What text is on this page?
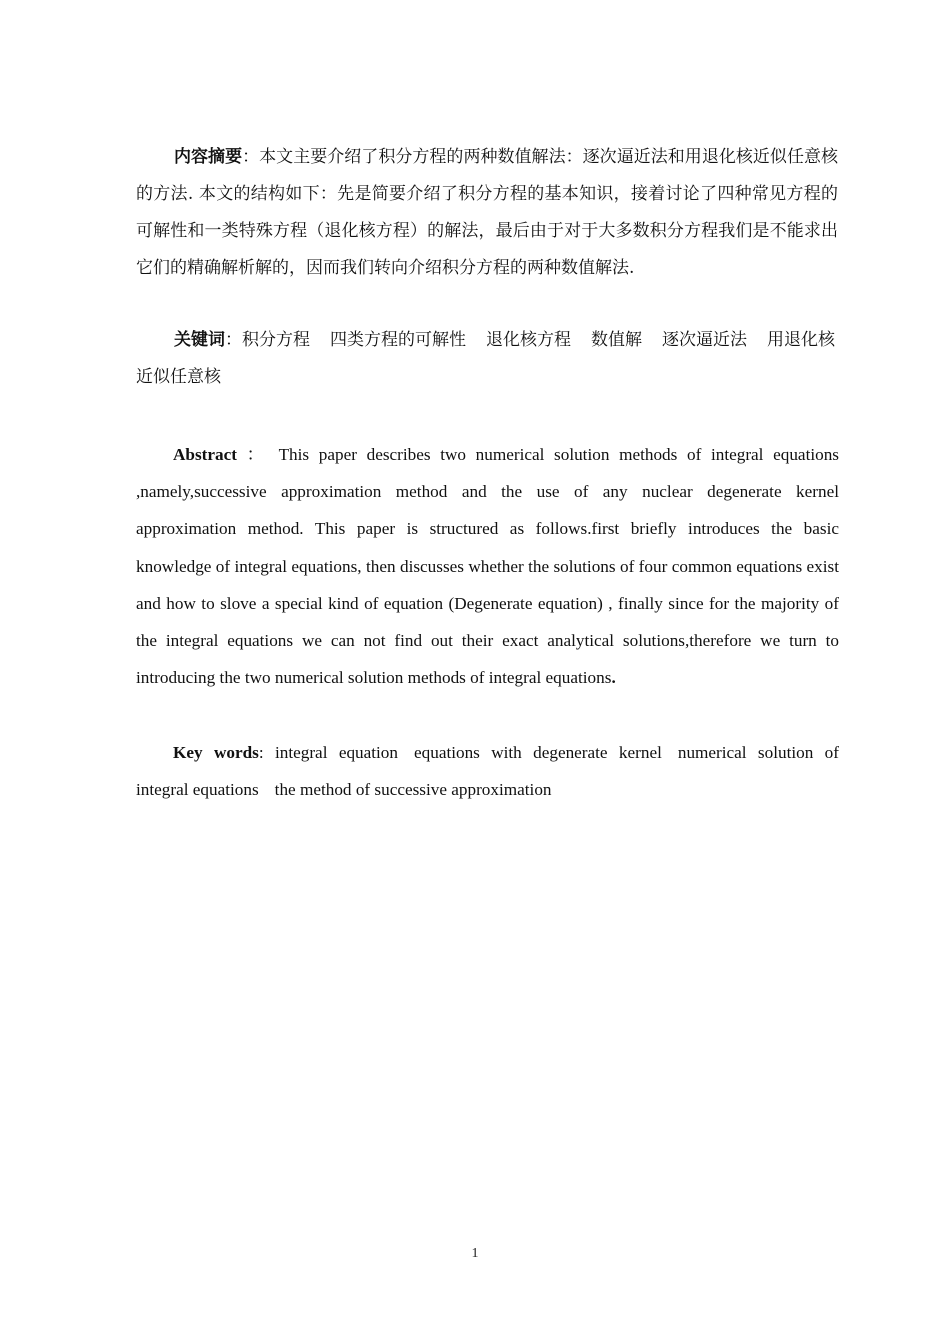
内容摘要：本文主要介绍了积分方程的两种数值解法：逐次逼近法和用退化核近似任意核的方法. 本文的结构如下：先是简要介绍了积分方程的基本知识，接着讨论了四种常见方程的可解性和一类特殊方程（退化核方程）的解法，最后由于对于大多数积分方程我们是不能求出它们的精确解析解的，因而我们转向介绍积分方程的两种数值解法.

关键词：积分方程 四类方程的可解性 退化核方程 数值解 逐次逼近法 用退化核近似任意核

Abstract ： This paper describes two numerical solution methods of integral equations ,namely,successive approximation method and the use of any nuclear degenerate kernel approximation method. This paper is structured as follows.first briefly introduces the basic knowledge of integral equations, then discusses whether the solutions of four common equations exist and how to slove a special kind of equation (Degenerate equation) , finally since for the majority of the integral equations we can not find out their exact analytical solutions,therefore we turn to introducing the two numerical solution methods of integral equations.

Key words: integral equation equations with degenerate kernel numerical solution of integral equations the method of successive approximation

1
